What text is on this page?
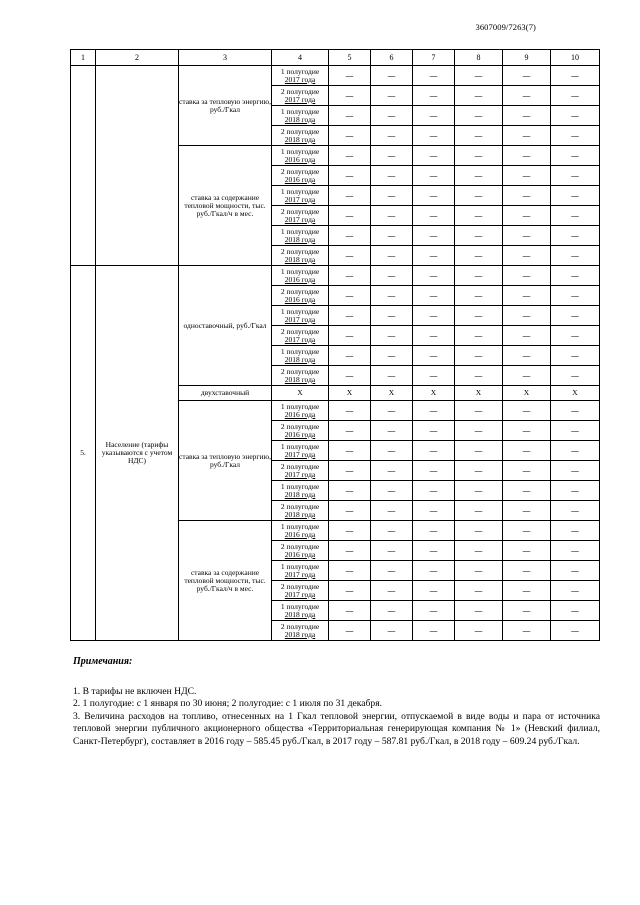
3607009/7263(7)
1	2	3	4	5	6	7	8	9	10
		ставка за тепловую энергию, руб./Гкал	1 полугодие
2017 года	—	—	—	—	—	—

			2 полугодие
2017 года	—	—	—	—	—	—

			1 полугодие
2018 года	—	—	—	—	—	—

			2 полугодие
2018 года	—	—	—	—	—	—
		ставка за содержание тепловой мощности, тыс. руб./Гкал/ч в мес.	1 полугодие
2016 года	—	—	—	—	—	—

			2 полугодие
2016 года	—	—	—	—	—	—

			1 полугодие
2017 года	—	—	—	—	—	—

			2 полугодие
2017 года	—	—	—	—	—	—

			1 полугодие
2018 года	—	—	—	—	—	—

			2 полугодие
2018 года	—	—	—	—	—	—
5.	Население (тарифы указываются с учетом НДС)	одноставочный, руб./Гкал	1 полугодие
2016 года	—	—	—	—	—	—

			2 полугодие
2016 года	—	—	—	—	—	—

			1 полугодие
2017 года	—	—	—	—	—	—

			2 полугодие
2017 года	—	—	—	—	—	—

			1 полугодие
2018 года	—	—	—	—	—	—

			2 полугодие
2018 года	—	—	—	—	—	—
		двухставочный	X	X	X	X	X	X	X
		ставка за тепловую энергию, руб./Гкал	1 полугодие
2016 года	—	—	—	—	—	—

			2 полугодие
2016 года	—	—	—	—	—	—

			1 полугодие
2017 года	—	—	—	—	—	—

			2 полугодие
2017 года	—	—	—	—	—	—

			1 полугодие
2018 года	—	—	—	—	—	—

			2 полугодие
2018 года	—	—	—	—	—	—
		ставка за содержание тепловой мощности, тыс. руб./Гкал/ч в мес.	1 полугодие
2016 года	—	—	—	—	—	—

			2 полугодие
2016 года	—	—	—	—	—	—

			1 полугодие
2017 года	—	—	—	—	—	—

			2 полугодие
2017 года	—	—	—	—	—	—

			1 полугодие
2018 года	—	—	—	—	—	—

			2 полугодие
2018 года	—	—	—	—	—	—
Примечания:
1. В тарифы не включен НДС.
2. 1 полугодие: с 1 января по 30 июня; 2 полугодие: с 1 июля по 31 декабря.
3. Величина расходов на топливо, отнесенных на 1 Гкал тепловой энергии, отпускаемой в виде воды и пара от источника тепловой энергии публичного акционерного общества «Территориальная генерирующая компания № 1» (Невский филиал, Санкт-Петербург), составляет в 2016 году – 585.45 руб./Гкал, в 2017 году – 587.81 руб./Гкал, в 2018 году – 609.24 руб./Гкал.
